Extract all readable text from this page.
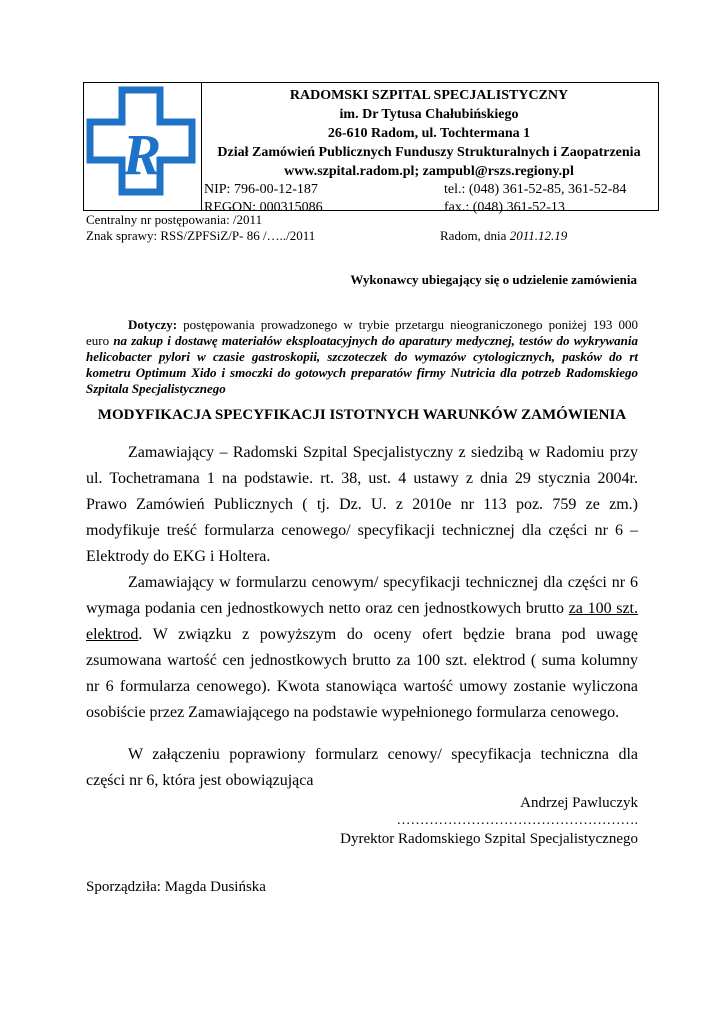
R
RADOMSKI SZPITAL SPECJALISTYCZNY
im. Dr Tytusa Chałubińskiego
26-610 Radom, ul. Tochtermana 1
Dział Zamówień Publicznych Funduszy Strukturalnych i Zaopatrzenia
www.szpital.radom.pl; zampubl@rszs.regiony.pl
NIP: 796-00-12-187	tel.: (048) 361-52-85, 361-52-84
REGON: 000315086	fax.: (048) 361-52-13
Centralny nr postępowania: /2011
Znak sprawy: RSS/ZPFSiZ/P- 86 /…../2011	Radom, dnia 2011.12.19
Wykonawcy ubiegający się o udzielenie zamówienia
Dotyczy: postępowania prowadzonego w trybie przetargu nieograniczonego poniżej 193 000 euro na zakup i dostawę materiałów eksploatacyjnych do aparatury medycznej, testów do wykrywania helicobacter pylori w czasie gastroskopii, szczoteczek do wymazów cytologicznych, pasków do rt kometru Optimum Xido i smoczki do gotowych preparatów firmy Nutricia dla potrzeb Radomskiego Szpitala Specjalistycznego
MODYFIKACJA SPECYFIKACJI ISTOTNYCH WARUNKÓW ZAMÓWIENIA
Zamawiający – Radomski Szpital Specjalistyczny z siedzibą w Radomiu przy ul. Tochetramana 1 na podstawie. rt. 38, ust. 4 ustawy z dnia 29 stycznia 2004r. Prawo Zamówień Publicznych ( tj. Dz. U. z 2010e nr 113 poz. 759 ze zm.) modyfikuje treść formularza cenowego/ specyfikacji technicznej dla części nr 6 – Elektrody do EKG i Holtera.
Zamawiający w formularzu cenowym/ specyfikacji technicznej dla części nr 6 wymaga podania cen jednostkowych netto oraz cen jednostkowych brutto za 100 szt. elektrod. W związku z powyższym do oceny ofert będzie brana pod uwagę zsumowana wartość cen jednostkowych brutto za 100 szt. elektrod ( suma kolumny nr 6 formularza cenowego). Kwota stanowiąca wartość umowy zostanie wyliczona osobiście przez Zamawiającego na podstawie wypełnionego formularza cenowego.
W załączeniu poprawiony formularz cenowy/ specyfikacja techniczna dla części nr 6, która jest obowiązująca
Andrzej Pawluczyk
…………………………………………….
Dyrektor Radomskiego Szpital Specjalistycznego
Sporządziła: Magda Dusińska
